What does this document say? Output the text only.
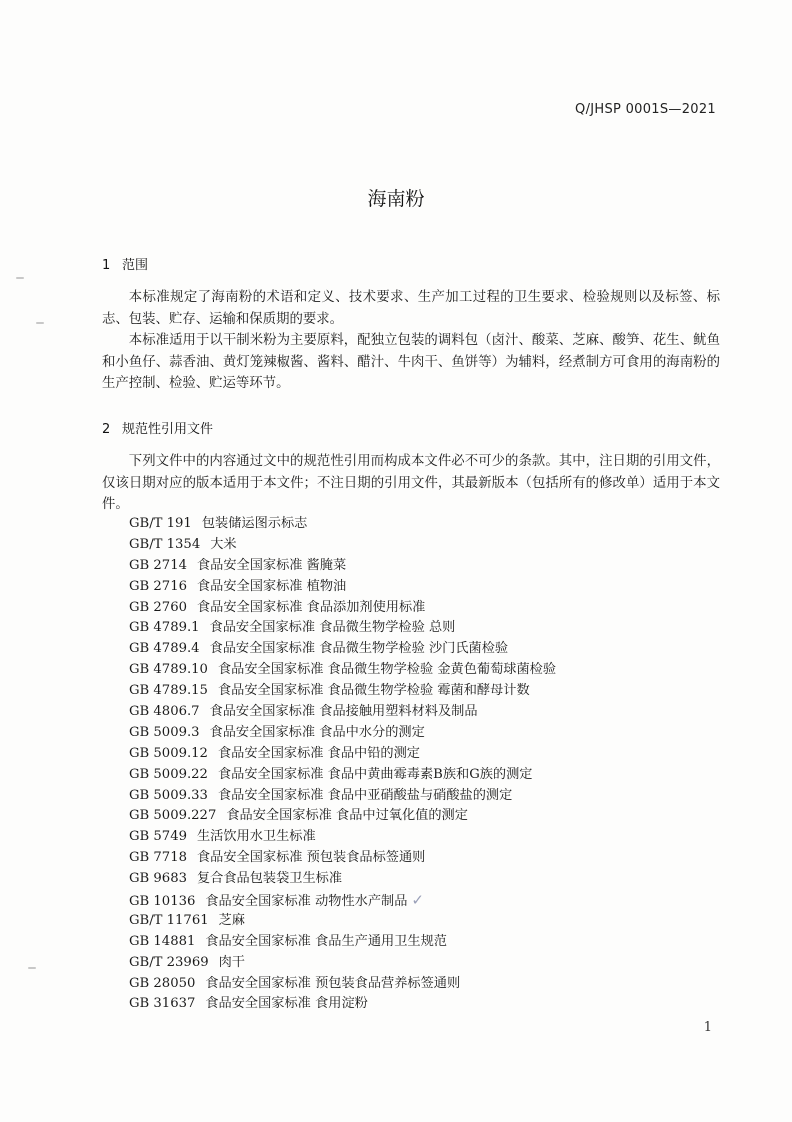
Q/JHSP 0001S—2021
海南粉
1 范围

本标准规定了海南粉的术语和定义、技术要求、生产加工过程的卫生要求、检验规则以及标签、标志、包装、贮存、运输和保质期的要求。

本标准适用于以干制米粉为主要原料，配独立包装的调料包（卤汁、酸菜、芝麻、酸笋、花生、鱿鱼和小鱼仔、蒜香油、黄灯笼辣椒酱、酱料、醋汁、牛肉干、鱼饼等）为辅料，经煮制方可食用的海南粉的生产控制、检验、贮运等环节。

2 规范性引用文件

下列文件中的内容通过文中的规范性引用而构成本文件必不可少的条款。其中，注日期的引用文件，仅该日期对应的版本适用于本文件；不注日期的引用文件，其最新版本（包括所有的修改单）适用于本文件。

GB/T 191 包装储运图示标志
GB/T 1354 大米
GB 2714 食品安全国家标准 酱腌菜
GB 2716 食品安全国家标准 植物油
GB 2760 食品安全国家标准 食品添加剂使用标准
GB 4789.1 食品安全国家标准 食品微生物学检验 总则
GB 4789.4 食品安全国家标准 食品微生物学检验 沙门氏菌检验
GB 4789.10 食品安全国家标准 食品微生物学检验 金黄色葡萄球菌检验
GB 4789.15 食品安全国家标准 食品微生物学检验 霉菌和酵母计数
GB 4806.7 食品安全国家标准 食品接触用塑料材料及制品
GB 5009.3 食品安全国家标准 食品中水分的测定
GB 5009.12 食品安全国家标准 食品中铅的测定
GB 5009.22 食品安全国家标准 食品中黄曲霉毒素B族和G族的测定
GB 5009.33 食品安全国家标准 食品中亚硝酸盐与硝酸盐的测定
GB 5009.227 食品安全国家标准 食品中过氧化值的测定
GB 5749 生活饮用水卫生标准
GB 7718 食品安全国家标准 预包装食品标签通则
GB 9683 复合食品包装袋卫生标准
GB 10136 食品安全国家标准 动物性水产制品 ✓
GB/T 11761 芝麻
GB 14881 食品安全国家标准 食品生产通用卫生规范
GB/T 23969 肉干
GB 28050 食品安全国家标准 预包装食品营养标签通则
GB 31637 食品安全国家标准 食用淀粉
1
